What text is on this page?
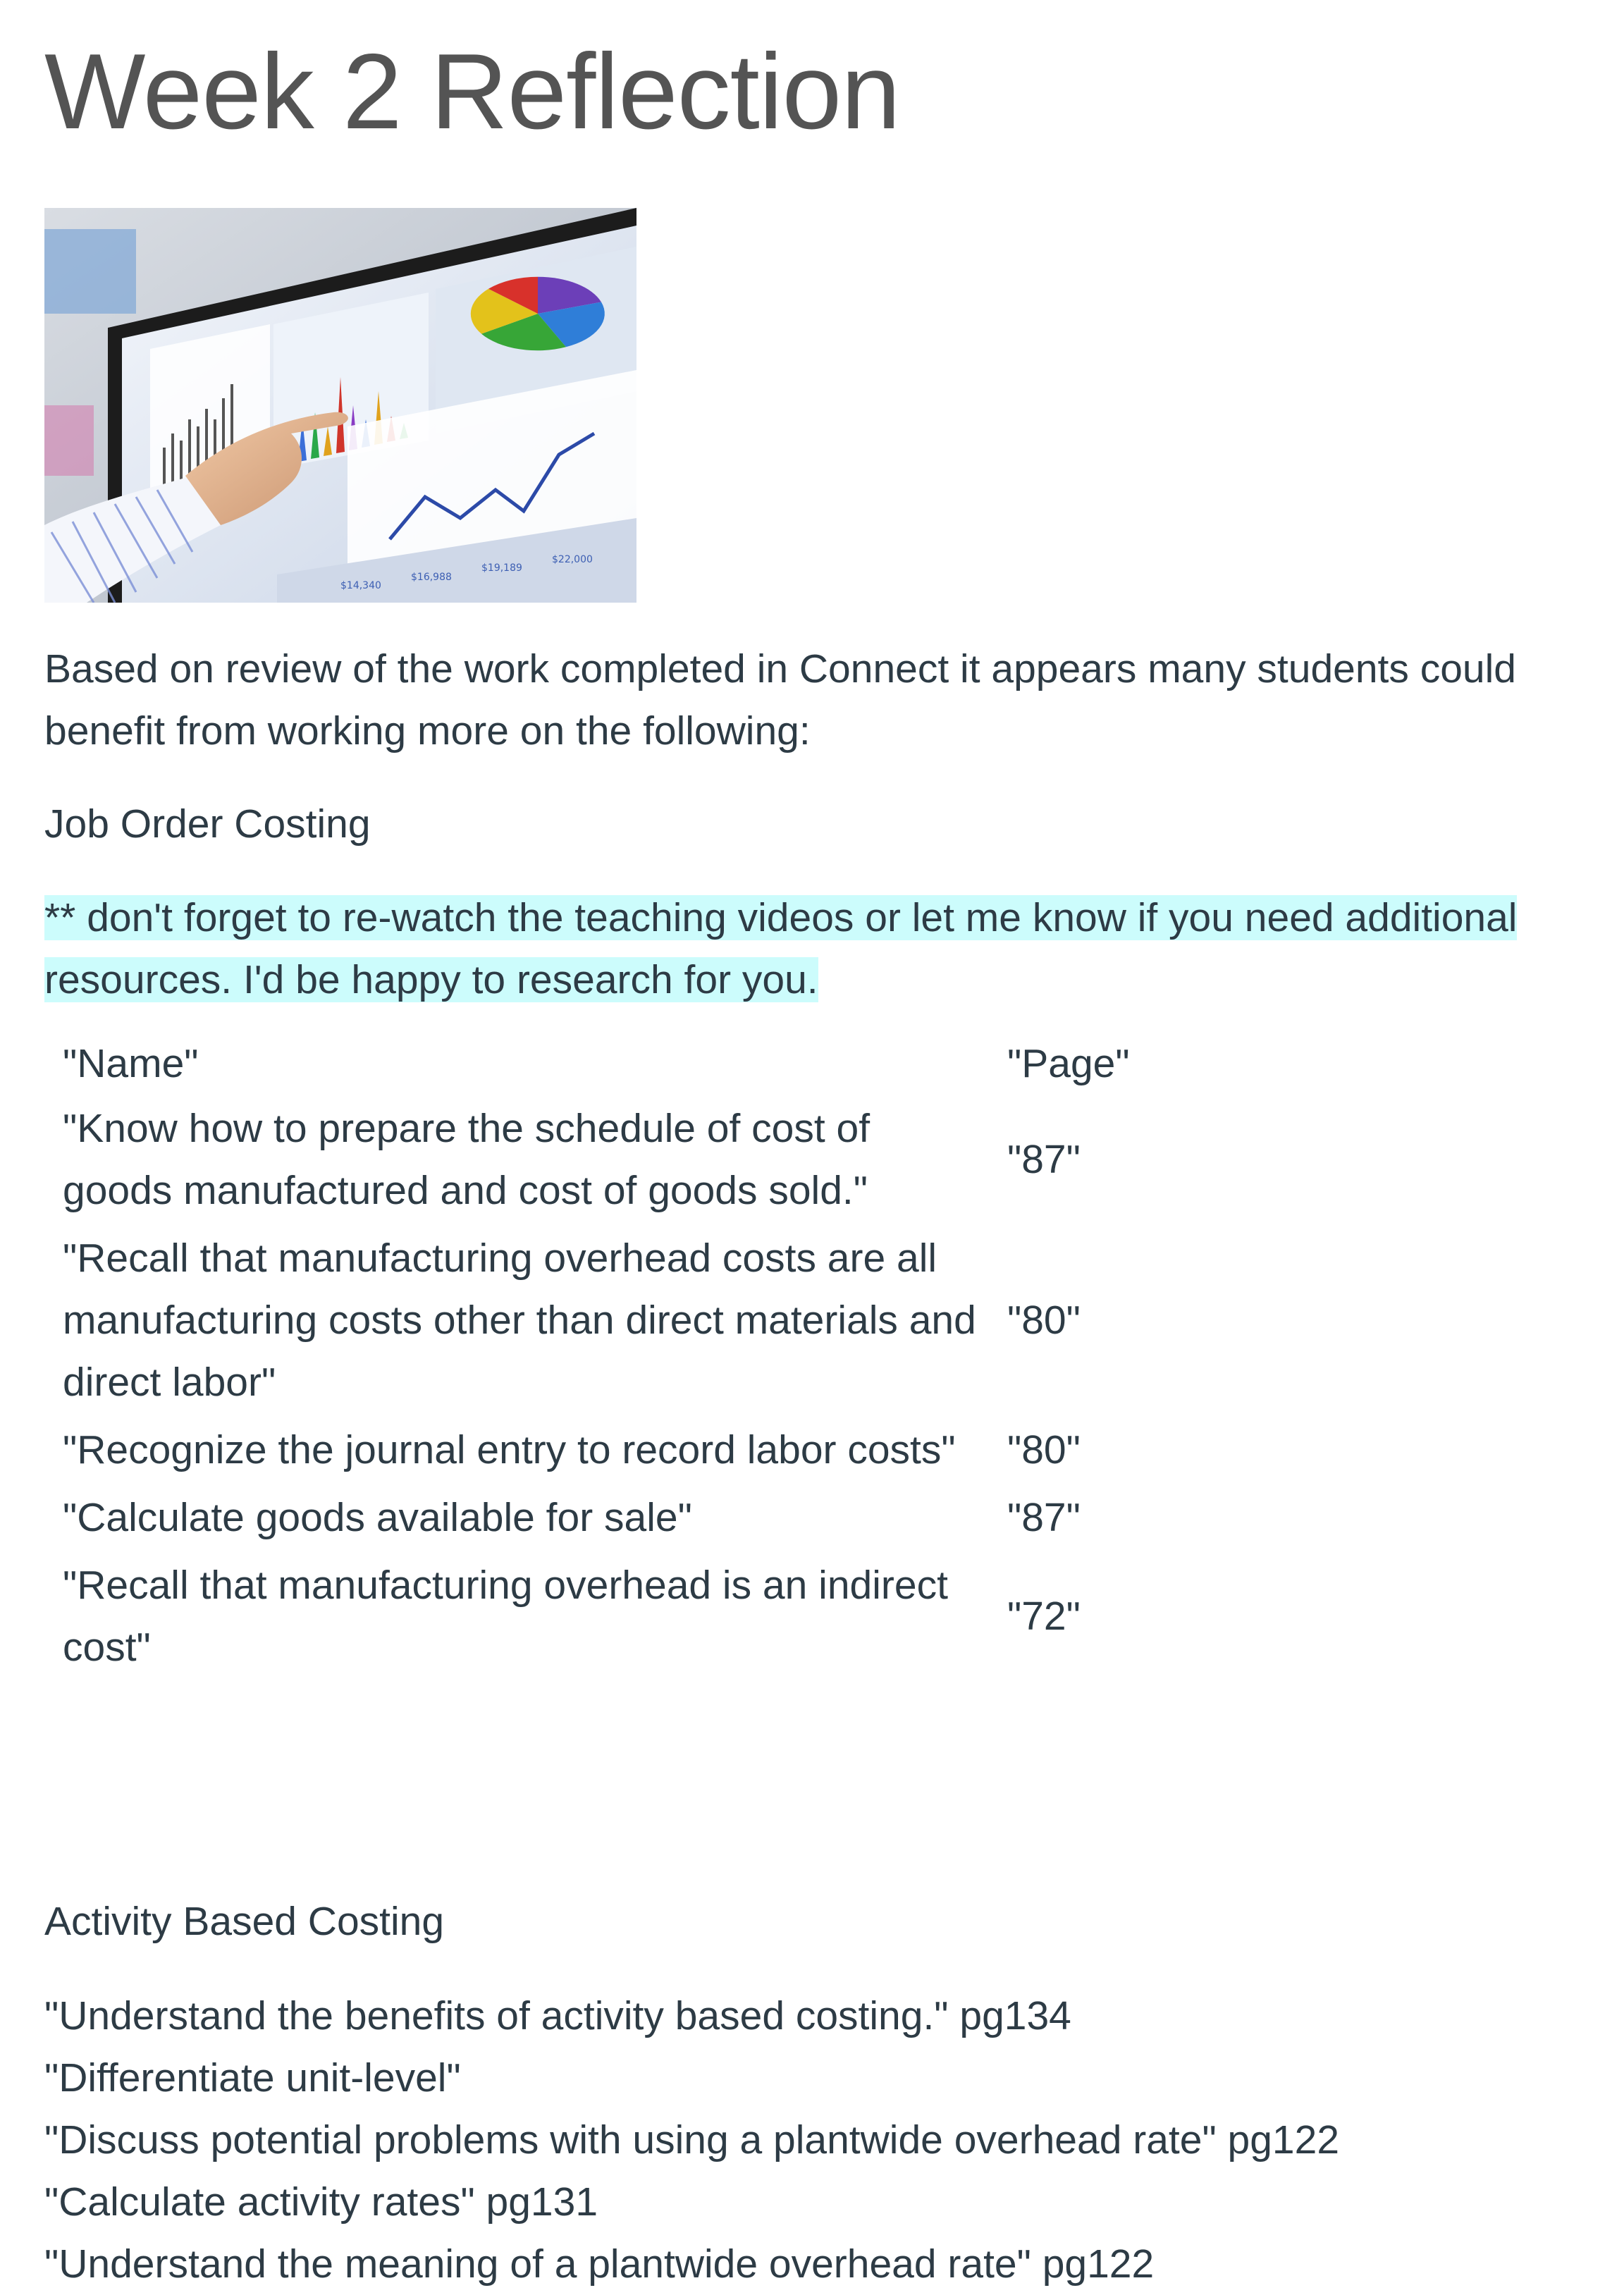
Week 2 Reflection
$14,340
$16,988
$19,189
$22,000

Based on review of the work completed in Connect it appears many students could benefit from working more on the following:

Job Order Costing

** don't forget to re-watch the teaching videos or let me know if you need additional resources. I'd be happy to research for you.

"Name"	"Page"
"Know how to prepare the schedule of cost of goods manufactured and cost of goods sold."	"87"
"Recall that manufacturing overhead costs are all manufacturing costs other than direct materials and direct labor"	"80"
"Recognize the journal entry to record labor costs"	"80"
"Calculate goods available for sale"	"87"
"Recall that manufacturing overhead is an indirect cost"	"72"
Activity Based Costing
"Understand the benefits of activity based costing." pg134
"Differentiate unit-level"
"Discuss potential problems with using a plantwide overhead rate" pg122
"Calculate activity rates" pg131
"Understand the meaning of a plantwide overhead rate" pg122
